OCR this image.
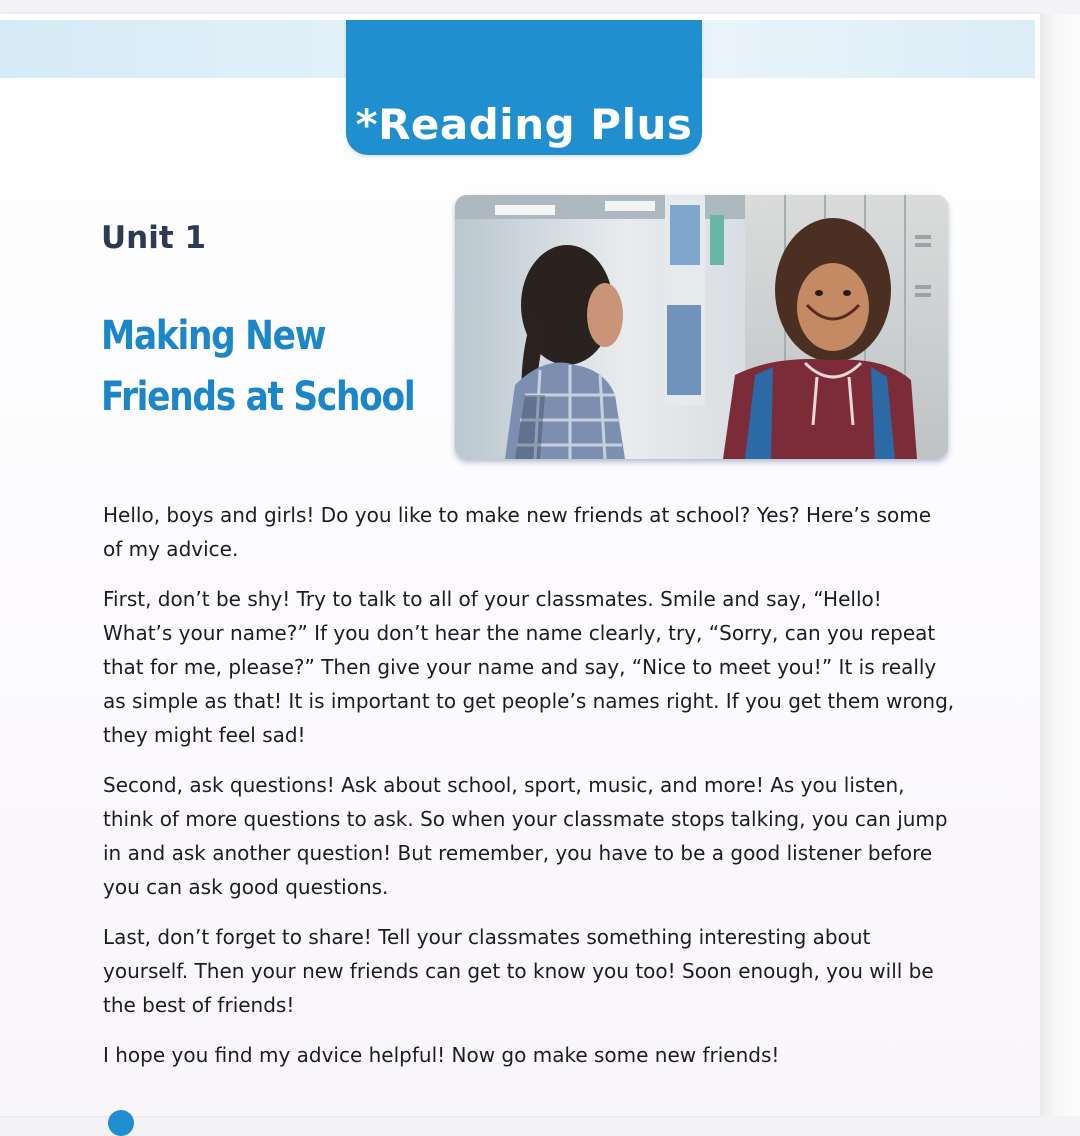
*Reading Plus
Unit 1
Making New
Friends at School

Hello, boys and girls! Do you like to make new friends at school? Yes? Here’s some of my advice.

First, don’t be shy! Try to talk to all of your classmates. Smile and say, “Hello! What’s your name?” If you don’t hear the name clearly, try, “Sorry, can you repeat that for me, please?” Then give your name and say, “Nice to meet you!” It is really as simple as that! It is important to get people’s names right. If you get them wrong, they might feel sad!

Second, ask questions! Ask about school, sport, music, and more! As you listen, think of more questions to ask. So when your classmate stops talking, you can jump in and ask another question! But remember, you have to be a good listener before you can ask good questions.

Last, don’t forget to share! Tell your classmates something interesting about yourself. Then your new friends can get to know you too! Soon enough, you will be the best of friends!

I hope you find my advice helpful! Now go make some new friends!
